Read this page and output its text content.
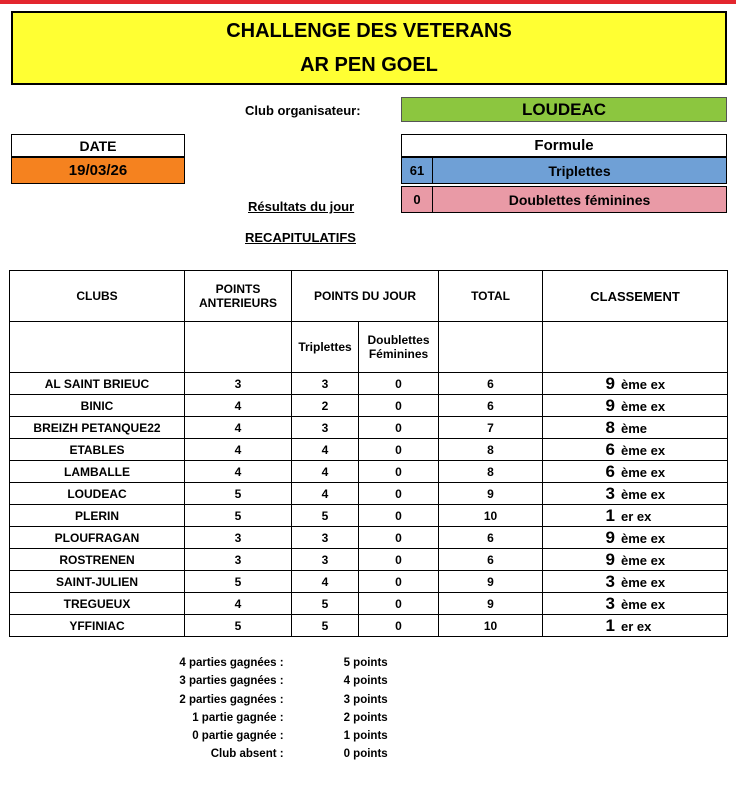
CHALLENGE DES VETERANS
AR PEN GOEL
Club organisateur:	LOUDEAC
DATE
19/03/26
Formule
61	Triplettes
0	Doublettes féminines
Résultats du jour
RECAPITULATIFS
CLUBS	POINTS ANTERIEURS	POINTS DU JOUR		TOTAL	CLASSEMENT
		Triplettes	Doublettes Féminines		
AL SAINT BRIEUC	3	3	0	6	9 ème ex
BINIC	4	2	0	6	9 ème ex
BREIZH PETANQUE22	4	3	0	7	8 ème
ETABLES	4	4	0	8	6 ème ex
LAMBALLE	4	4	0	8	6 ème ex
LOUDEAC	5	4	0	9	3 ème ex
PLERIN	5	5	0	10	1 er ex
PLOUFRAGAN	3	3	0	6	9 ème ex
ROSTRENEN	3	3	0	6	9 ème ex
SAINT-JULIEN	5	4	0	9	3 ème ex
TREGUEUX	4	5	0	9	3 ème ex
YFFINIAC	5	5	0	10	1 er ex
4 parties gagnées :	5 points
3 parties gagnées :	4 points
2 parties gagnées :	3 points
1 partie gagnée :	2 points
0 partie gagnée :	1 points
Club absent :	0 points
